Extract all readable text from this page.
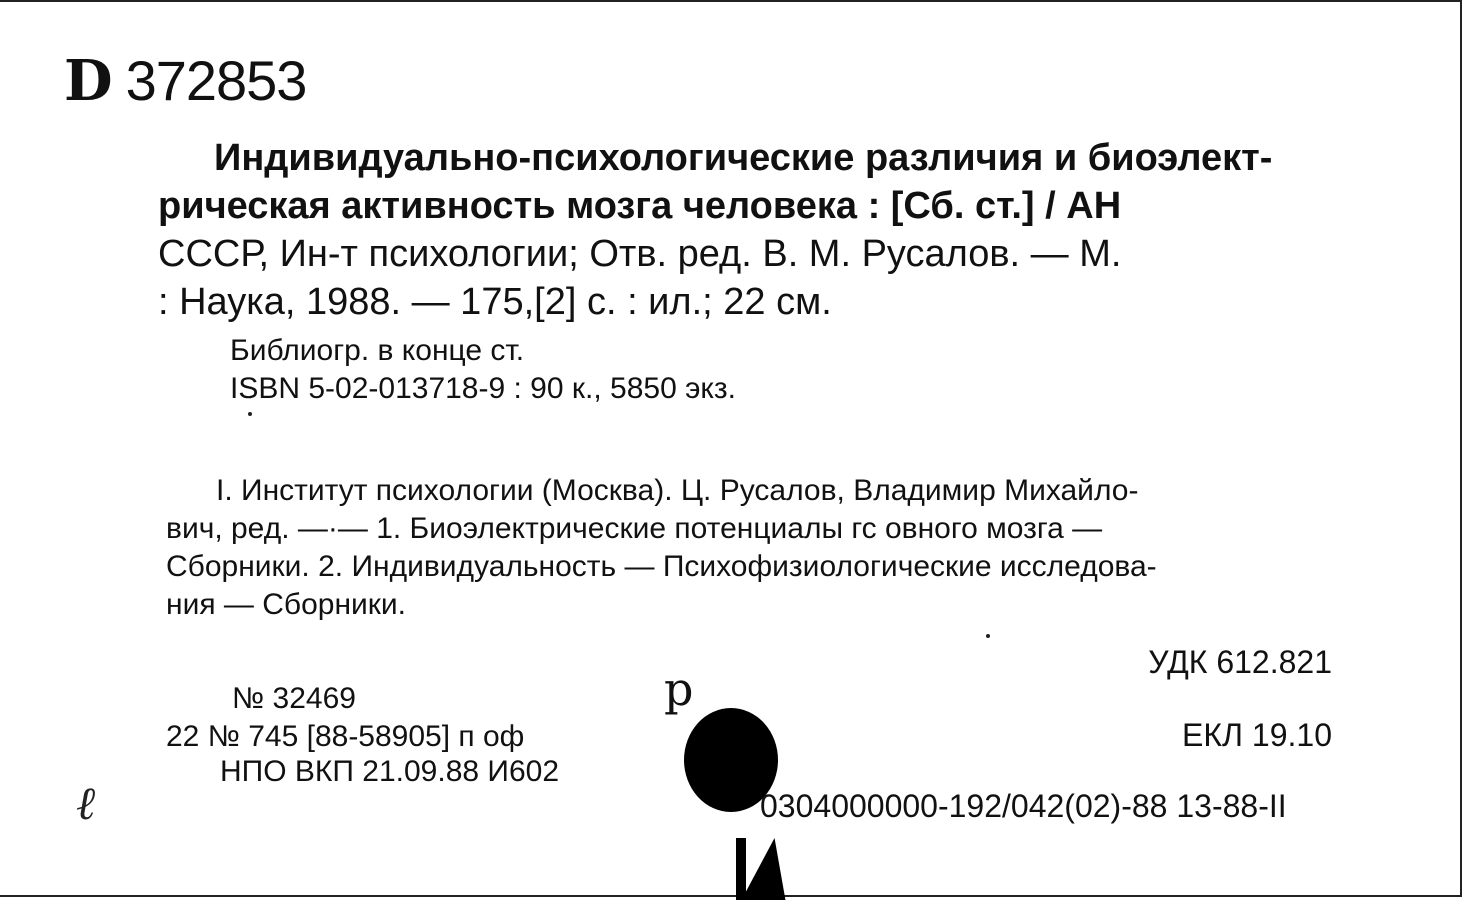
D 372853
Индивидуально-психологические различия и биоэлект-
рическая активность мозга человека : [Сб. ст.] / АН
СССР, Ин-т психологии; Отв. ред. В. М. Русалов. — М.
: Наука, 1988. — 175,[2] с. : ил.; 22 см.
Библиогр. в конце ст.
ISBN 5-02-013718-9 : 90 к., 5850 экз.
I. Институт психологии (Москва). Ц. Русалов, Владимир Михайло-
вич, ред. —·— 1. Биоэлектрические потенциалы гс овного мозга —
Сборники. 2. Индивидуальность — Психофизиологические исследова-
ния — Сборники.
УДК 612.821
ЕКЛ 19.10
№ 32469
22 № 745 [88-58905] п оф
НПО ВКП 21.09.88 И602
р
0304000000-192/042(02)-88 13-88-II
ℓ
